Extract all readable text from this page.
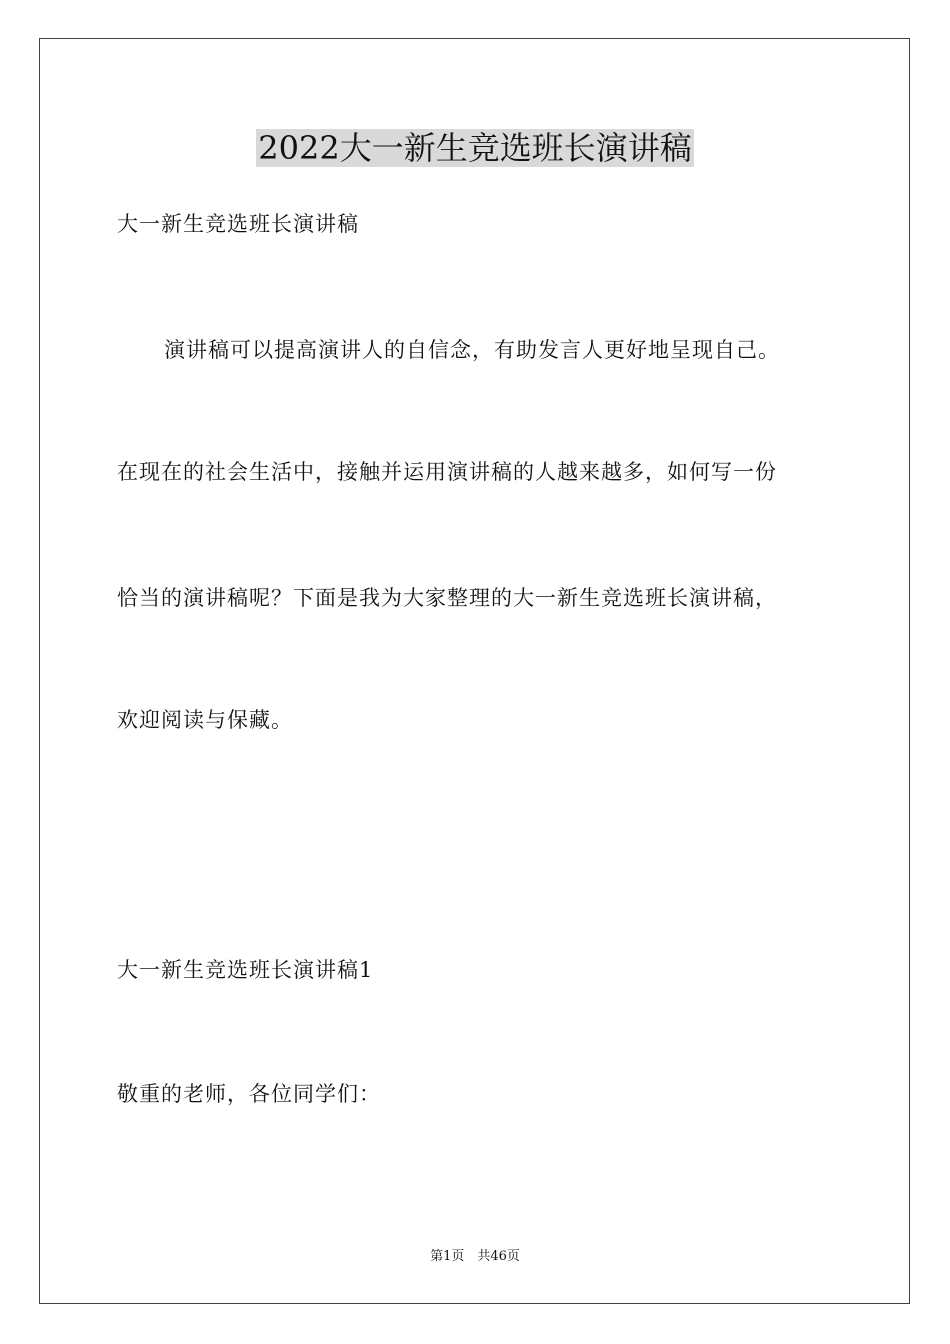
2022大一新生竞选班长演讲稿
大一新生竞选班长演讲稿
演讲稿可以提高演讲人的自信念，有助发言人更好地呈现自己。
在现在的社会生活中，接触并运用演讲稿的人越来越多，如何写一份
恰当的演讲稿呢？下面是我为大家整理的大一新生竞选班长演讲稿，
欢迎阅读与保藏。
大一新生竞选班长演讲稿1
敬重的老师，各位同学们：
第1页　共46页
